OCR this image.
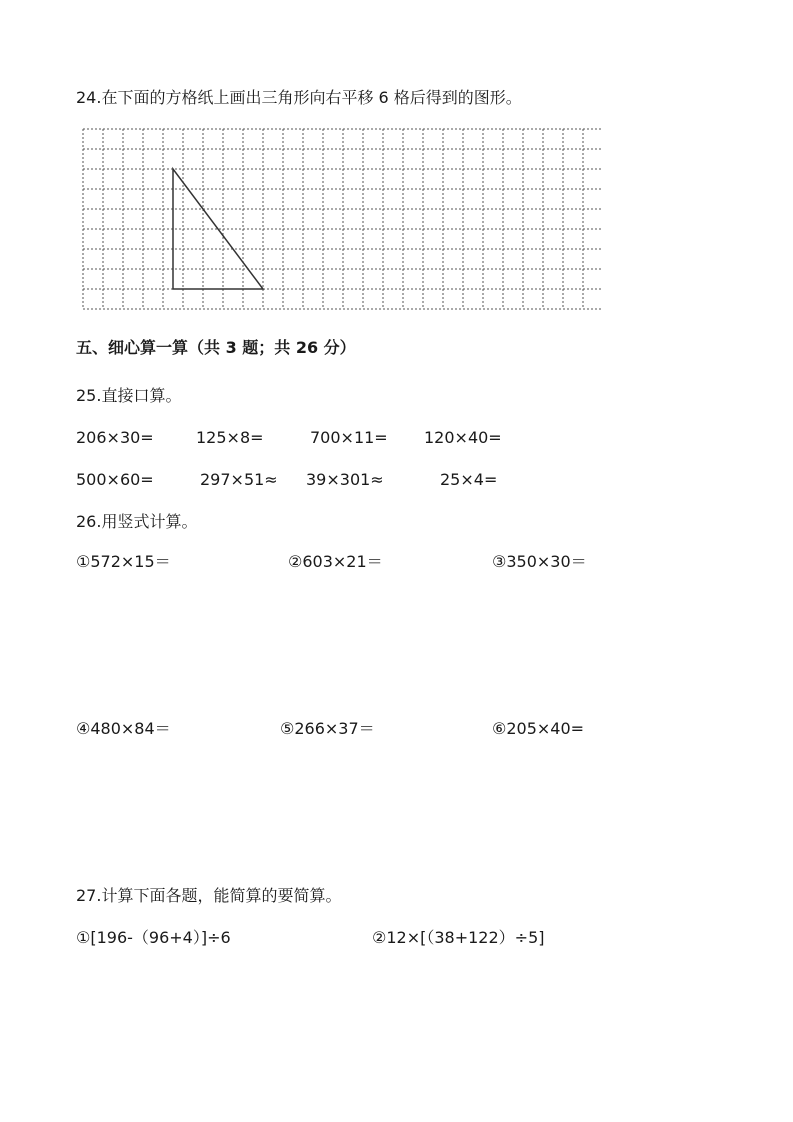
24.在下面的方格纸上画出三角形向右平移 6 格后得到的图形。
五、细心算一算（共 3 题；共 26 分）
25.直接口算。
206×30=	125×8=	700×11= 120×40=
500×60=	297×51≈ 39×301≈	25×4=
26.用竖式计算。
①572×15＝	②603×21＝	③350×30＝
④480×84＝	⑤266×37＝	⑥205×40=
27.计算下面各题，能简算的要简算。
①[196-（96+4）]÷6	②12×[（38+122）÷5]
